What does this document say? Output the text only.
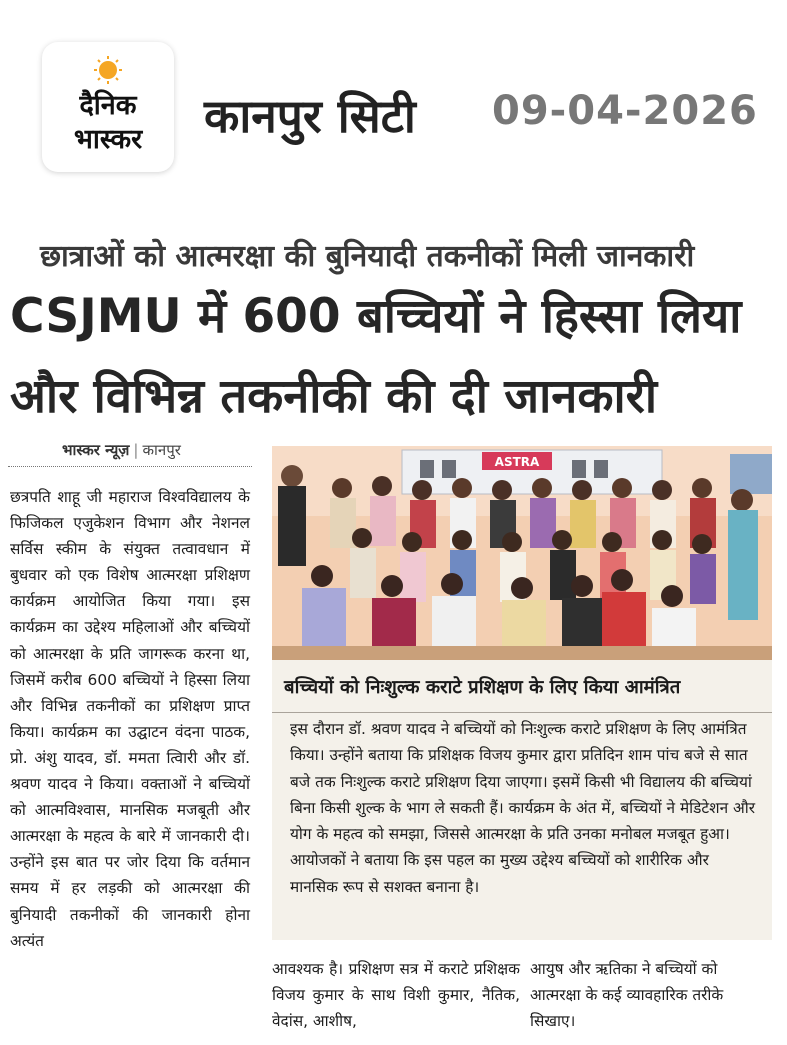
दैनिक
भास्कर	कानपुर सिटी 09-04-2026
छात्राओं को आत्मरक्षा की बुनियादी तकनीकों मिली जानकारी
CSJMU में 600 बच्चियों ने हिस्सा लिया
और विभिन्न तकनीकी की दी जानकारी
भास्कर न्यूज़ | कानपुर
छत्रपति शाहू जी महाराज विश्वविद्यालय के फिजिकल एजुकेशन विभाग और नेशनल सर्विस स्कीम के संयुक्त तत्वावधान में बुधवार को एक विशेष आत्मरक्षा प्रशिक्षण कार्यक्रम आयोजित किया गया। इस कार्यक्रम का उद्देश्य महिलाओं और बच्चियों को आत्मरक्षा के प्रति जागरूक करना था, जिसमें करीब 600 बच्चियों ने हिस्सा लिया और विभिन्न तकनीकों का प्रशिक्षण प्राप्त किया। कार्यक्रम का उद्घाटन वंदना पाठक, प्रो. अंशु यादव, डॉ. ममता त्विारी और डॉ. श्रवण यादव ने किया। वक्ताओं ने बच्चियों को आत्मविश्वास, मानसिक मजबूती और आत्मरक्षा के महत्व के बारे में जानकारी दी। उन्होंने इस बात पर जोर दिया कि वर्तमान समय में हर लड़की को आत्मरक्षा की बुनियादी तकनीकों की जानकारी होना अत्यंत
ASTRA
बच्चियों को निःशुल्क कराटे प्रशिक्षण के लिए किया आमंत्रित
इस दौरान डॉ. श्रवण यादव ने बच्चियों को निःशुल्क कराटे प्रशिक्षण के लिए आमंत्रित किया। उन्होंने बताया कि प्रशिक्षक विजय कुमार द्वारा प्रतिदिन शाम पांच बजे से सात बजे तक निःशुल्क कराटे प्रशिक्षण दिया जाएगा। इसमें किसी भी विद्यालय की बच्चियां बिना किसी शुल्क के भाग ले सकती हैं। कार्यक्रम के अंत में, बच्चियों ने मेडिटेशन और योग के महत्व को समझा, जिससे आत्मरक्षा के प्रति उनका मनोबल मजबूत हुआ। आयोजकों ने बताया कि इस पहल का मुख्य उद्देश्य बच्चियों को शारीरिक और मानसिक रूप से सशक्त बनाना है।
आवश्यक है। प्रशिक्षण सत्र में कराटे प्रशिक्षक विजय कुमार के साथ विशी कुमार, नैतिक, वेदांस, आशीष,
आयुष और ऋतिका ने बच्चियों को आत्मरक्षा के कई व्यावहारिक तरीके सिखाए।
